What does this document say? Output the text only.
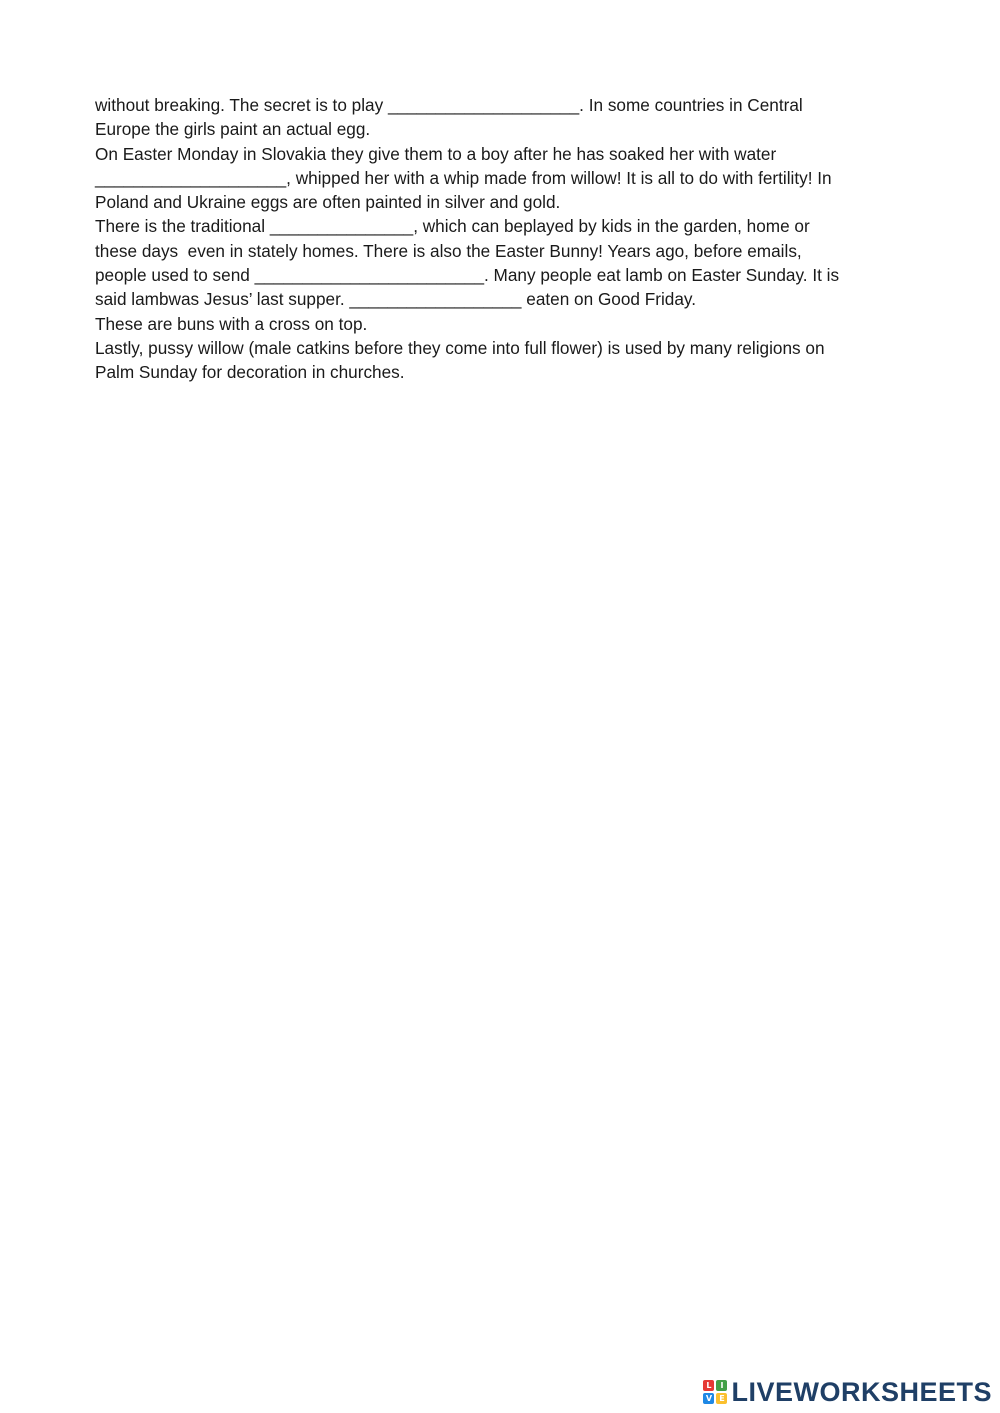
without breaking. The secret is to play ____________________. In some countries in Central
Europe the girls paint an actual egg.
On Easter Monday in Slovakia they give them to a boy after he has soaked her with water
____________________, whipped her with a whip made from willow! It is all to do with fertility! In
Poland and Ukraine eggs are often painted in silver and gold.
There is the traditional _______________, which can beplayed by kids in the garden, home or
these days  even in stately homes. There is also the Easter Bunny! Years ago, before emails,
people used to send ________________________. Many people eat lamb on Easter Sunday. It is
said lambwas Jesus’ last supper. __________________ eaten on Good Friday.
These are buns with a cross on top.
Lastly, pussy willow (male catkins before they come into full flower) is used by many religions on
Palm Sunday for decoration in churches.
L	I
V E LIVEWORKSHEETS
